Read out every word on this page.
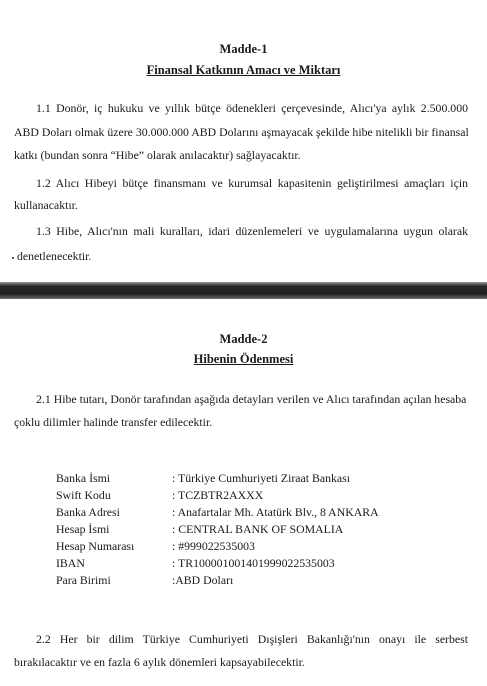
Madde-1
Finansal Katkının Amacı ve Miktarı
1.1 Donör, iç hukuku ve yıllık bütçe ödenekleri çerçevesinde, Alıcı'ya aylık 2.500.000
ABD Doları olmak üzere 30.000.000 ABD Dolarını aşmayacak şekilde hibe nitelikli bir finansal
katkı (bundan sonra “Hibe” olarak anılacaktır) sağlayacaktır.
1.2 Alıcı Hibeyi bütçe finansmanı ve kurumsal kapasitenin geliştirilmesi amaçları için
kullanacaktır.
1.3 Hibe, Alıcı'nın mali kuralları, idari düzenlemeleri ve uygulamalarına uygun olarak
denetlenecektir.
Madde-2
Hibenin Ödenmesi
2.1 Hibe tutarı, Donör tarafından aşağıda detayları verilen ve Alıcı tarafından açılan hesaba
çoklu dilimler halinde transfer edilecektir.
Banka İsmi	: Türkiye Cumhuriyeti Ziraat Bankası
Swift Kodu	: TCZBTR2AXXX
Banka Adresi	: Anafartalar Mh. Atatürk Blv., 8 ANKARA
Hesap İsmi	: CENTRAL BANK OF SOMALIA
Hesap Numarası	: #999022535003
IBAN	: TR100001001401999022535003
Para Birimi	:ABD Doları
2.2 Her bir dilim Türkiye Cumhuriyeti Dışişleri Bakanlığı'nın onayı ile serbest
bırakılacaktır ve en fazla 6 aylık dönemleri kapsayabilecektir.
